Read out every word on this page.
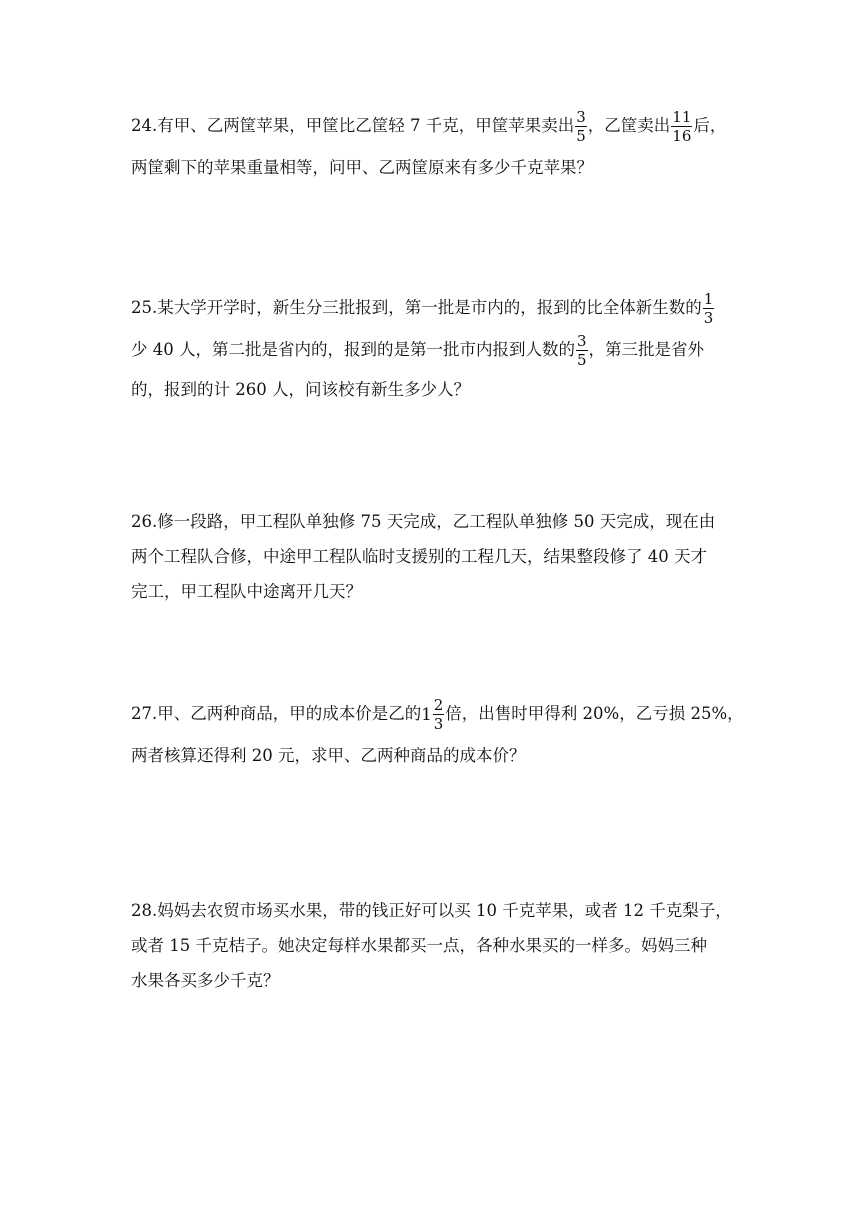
24.有甲、乙两筐苹果，甲筐比乙筐轻 7 千克，甲筐苹果卖出 $\frac{3}{5}$ ，乙筐卖出 $\frac{11}{16}$ 后，
两筐剩下的苹果重量相等，问甲、乙两筐原来有多少千克苹果？
25.某大学开学时，新生分三批报到，第一批是市内的，报到的比全体新生数的 $\frac{1}{3}$
少 40 人，第二批是省内的，报到的是第一批市内报到人数的 $\frac{3}{5}$ ，第三批是省外
的，报到的计 260 人，问该校有新生多少人？
26.修一段路，甲工程队单独修 75 天完成，乙工程队单独修 50 天完成，现在由
两个工程队合修，中途甲工程队临时支援别的工程几天，结果整段修了 40 天才
完工，甲工程队中途离开几天？
27.甲、乙两种商品，甲的成本价是乙的$1 \frac{2}{3}$ 倍，出售时甲得利 20%，乙亏损 25%，
两者核算还得利 20 元，求甲、乙两种商品的成本价？
28.妈妈去农贸市场买水果，带的钱正好可以买 10 千克苹果，或者 12 千克梨子，
或者 15 千克桔子。她决定每样水果都买一点，各种水果买的一样多。妈妈三种
水果各买多少千克？
